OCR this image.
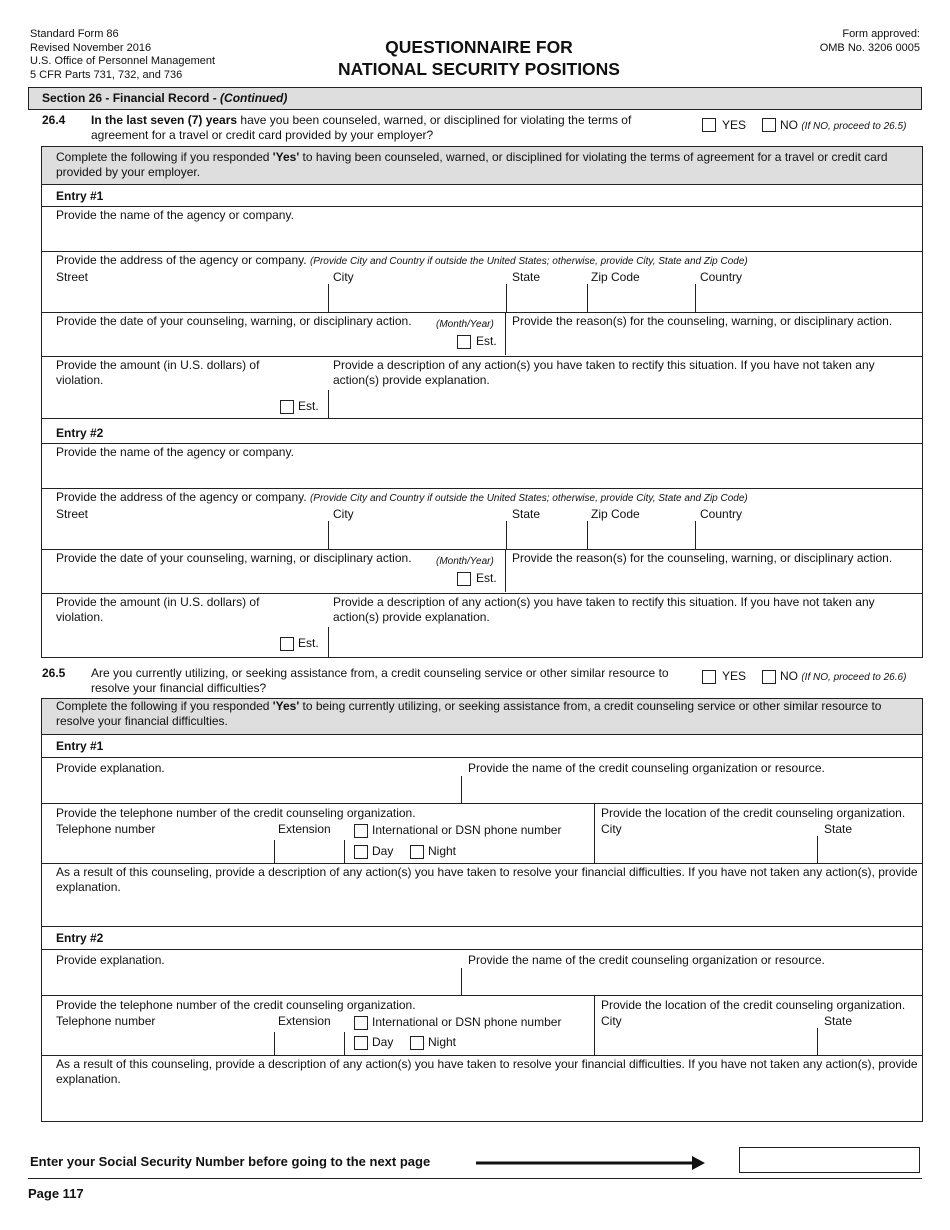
Standard Form 86
Revised November 2016
U.S. Office of Personnel Management
5 CFR Parts 731, 732, and 736
QUESTIONNAIRE FOR
NATIONAL SECURITY POSITIONS
Form approved:
OMB No. 3206 0005
Section 26 - Financial Record - (Continued)
26.4 In the last seven (7) years have you been counseled, warned, or disciplined for violating the terms of agreement for a travel or credit card provided by your employer?
YES	NO (If NO, proceed to 26.5)
Complete the following if you responded 'Yes' to having been counseled, warned, or disciplined for violating the terms of agreement for a travel or credit card provided by your employer.
Entry #1
Provide the name of the agency or company.
Provide the address of the agency or company. (Provide City and Country if outside the United States; otherwise, provide City, State and Zip Code)
Street	City	State	Zip Code	Country
Provide the date of your counseling, warning, or disciplinary action. (Month/Year)
Est.
Provide the reason(s) for the counseling, warning, or disciplinary action.
Provide the amount (in U.S. dollars) of violation.
Est.
Provide a description of any action(s) you have taken to rectify this situation. If you have not taken any action(s) provide explanation.
Entry #2
Provide the name of the agency or company.
Provide the address of the agency or company. (Provide City and Country if outside the United States; otherwise, provide City, State and Zip Code)
Street	City	State	Zip Code	Country
Provide the date of your counseling, warning, or disciplinary action. (Month/Year)
Est.
Provide the reason(s) for the counseling, warning, or disciplinary action.
Provide the amount (in U.S. dollars) of violation.
Est.
Provide a description of any action(s) you have taken to rectify this situation. If you have not taken any action(s) provide explanation.
26.5 Are you currently utilizing, or seeking assistance from, a credit counseling service or other similar resource to resolve your financial difficulties?
YES	NO (If NO, proceed to 26.6)
Complete the following if you responded 'Yes' to being currently utilizing, or seeking assistance from, a credit counseling service or other similar resource to resolve your financial difficulties.
Entry #1
Provide explanation.	Provide the name of the credit counseling organization or resource.
Provide the telephone number of the credit counseling organization.
Telephone number	Extension	International or DSN phone number
Day	Night
Provide the location of the credit counseling organization.
City	State
As a result of this counseling, provide a description of any action(s) you have taken to resolve your financial difficulties. If you have not taken any action(s), provide explanation.
Entry #2
Provide explanation.	Provide the name of the credit counseling organization or resource.
Provide the telephone number of the credit counseling organization.
Telephone number	Extension	International or DSN phone number
Day	Night
Provide the location of the credit counseling organization.
City	State
As a result of this counseling, provide a description of any action(s) you have taken to resolve your financial difficulties. If you have not taken any action(s), provide explanation.
Enter your Social Security Number before going to the next page
Page 117
